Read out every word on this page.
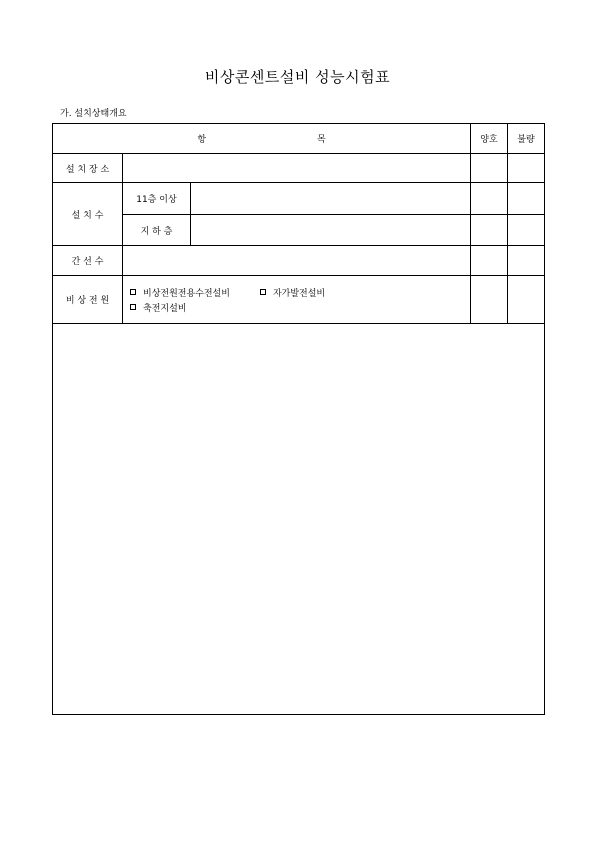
비상콘센트설비 성능시험표
가. 설치상태개요
항 목			양호	불량
설 치 장 소				
설 치 수	11층 이상			
	지 하 층			
간 선 수				
비 상 전 원	비상전원전용수전설비 자가발전설비
축전지설비			
